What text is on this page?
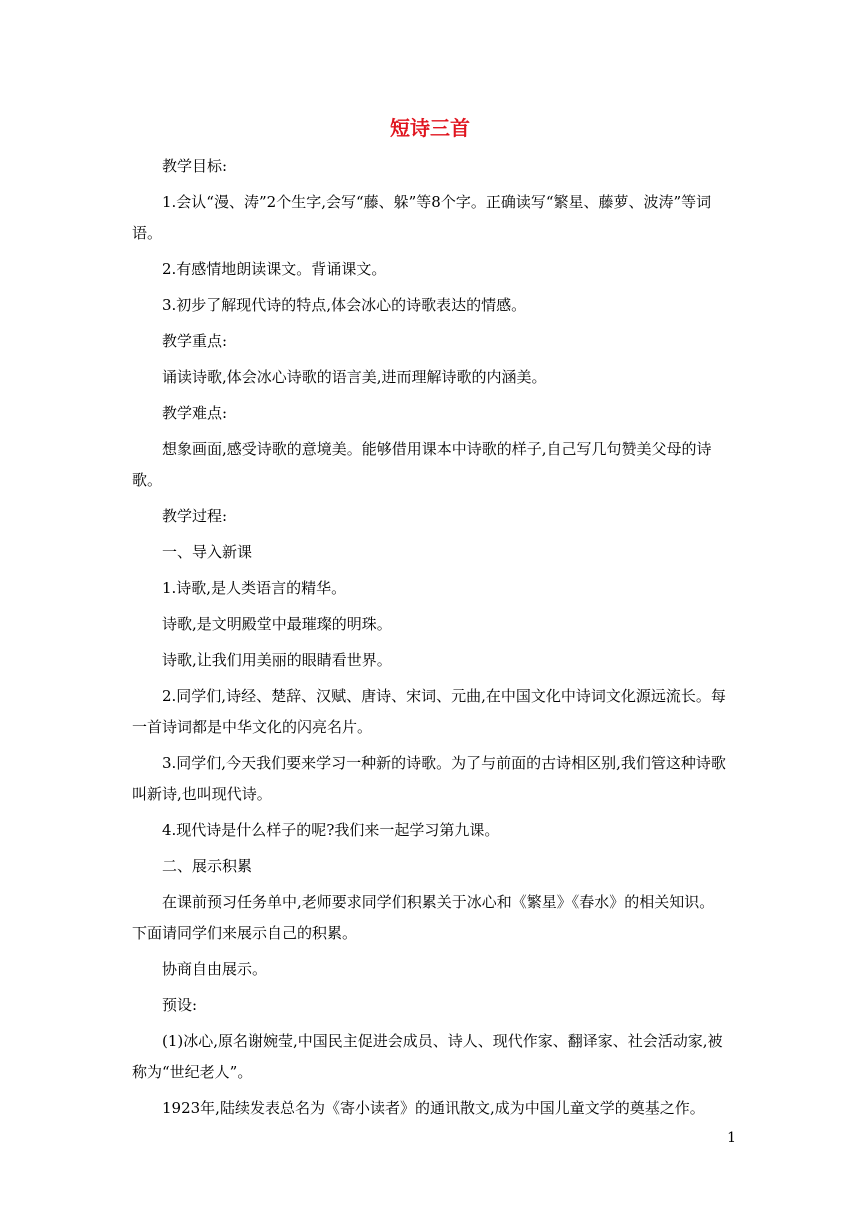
短诗三首

教学目标:

1.会认“漫、涛”2个生字,会写“藤、躲”等8个字。正确读写“繁星、藤萝、波涛”等词语。

2.有感情地朗读课文。背诵课文。

3.初步了解现代诗的特点,体会冰心的诗歌表达的情感。

教学重点:

诵读诗歌,体会冰心诗歌的语言美,进而理解诗歌的内涵美。

教学难点:

想象画面,感受诗歌的意境美。能够借用课本中诗歌的样子,自己写几句赞美父母的诗歌。

教学过程:

一、导入新课

1.诗歌,是人类语言的精华。

诗歌,是文明殿堂中最璀璨的明珠。

诗歌,让我们用美丽的眼睛看世界。

2.同学们,诗经、楚辞、汉赋、唐诗、宋词、元曲,在中国文化中诗词文化源远流长。每一首诗词都是中华文化的闪亮名片。

3.同学们,今天我们要来学习一种新的诗歌。为了与前面的古诗相区别,我们管这种诗歌叫新诗,也叫现代诗。

4.现代诗是什么样子的呢?我们来一起学习第九课。

二、展示积累

在课前预习任务单中,老师要求同学们积累关于冰心和《繁星》《春水》的相关知识。下面请同学们来展示自己的积累。

协商自由展示。

预设:

(1)冰心,原名谢婉莹,中国民主促进会成员、诗人、现代作家、翻译家、社会活动家,被称为“世纪老人”。

1923年,陆续发表总名为《寄小读者》的通讯散文,成为中国儿童文学的奠基之作。

1
